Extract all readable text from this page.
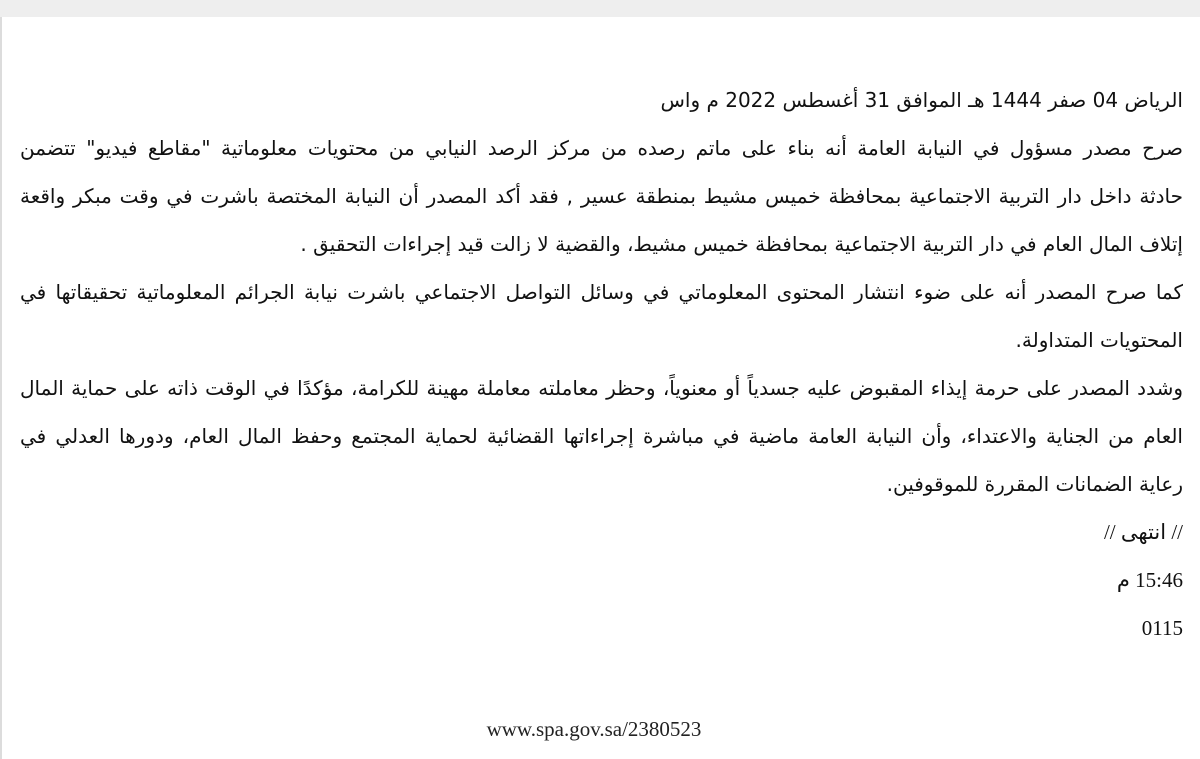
الرياض 04 صفر 1444 هـ الموافق 31 أغسطس 2022 م واس
صرح مصدر مسؤول في النيابة العامة أنه بناء على ماتم رصده من مركز الرصد النيابي من محتويات معلوماتية "مقاطع فيديو" تتضمن
حادثة داخل دار التربية الاجتماعية بمحافظة خميس مشيط بمنطقة عسير , فقد أكد المصدر أن النيابة المختصة باشرت في وقت مبكر واقعة
إتلاف المال العام في دار التربية الاجتماعية بمحافظة خميس مشيط، والقضية لا زالت قيد إجراءات التحقيق .
كما صرح المصدر أنه على ضوء انتشار المحتوى المعلوماتي في وسائل التواصل الاجتماعي باشرت نيابة الجرائم المعلوماتية تحقيقاتها في
المحتويات المتداولة.
وشدد المصدر على حرمة إيذاء المقبوض عليه جسدياً أو معنوياً، وحظر معاملته معاملة مهينة للكرامة، مؤكدًا في الوقت ذاته على حماية المال
العام من الجناية والاعتداء، وأن النيابة العامة ماضية في مباشرة إجراءاتها القضائية لحماية المجتمع وحفظ المال العام، ودورها العدلي في
رعاية الضمانات المقررة للموقوفين.
// انتهى //
15:46 م
0115
www.spa.gov.sa/2380523
